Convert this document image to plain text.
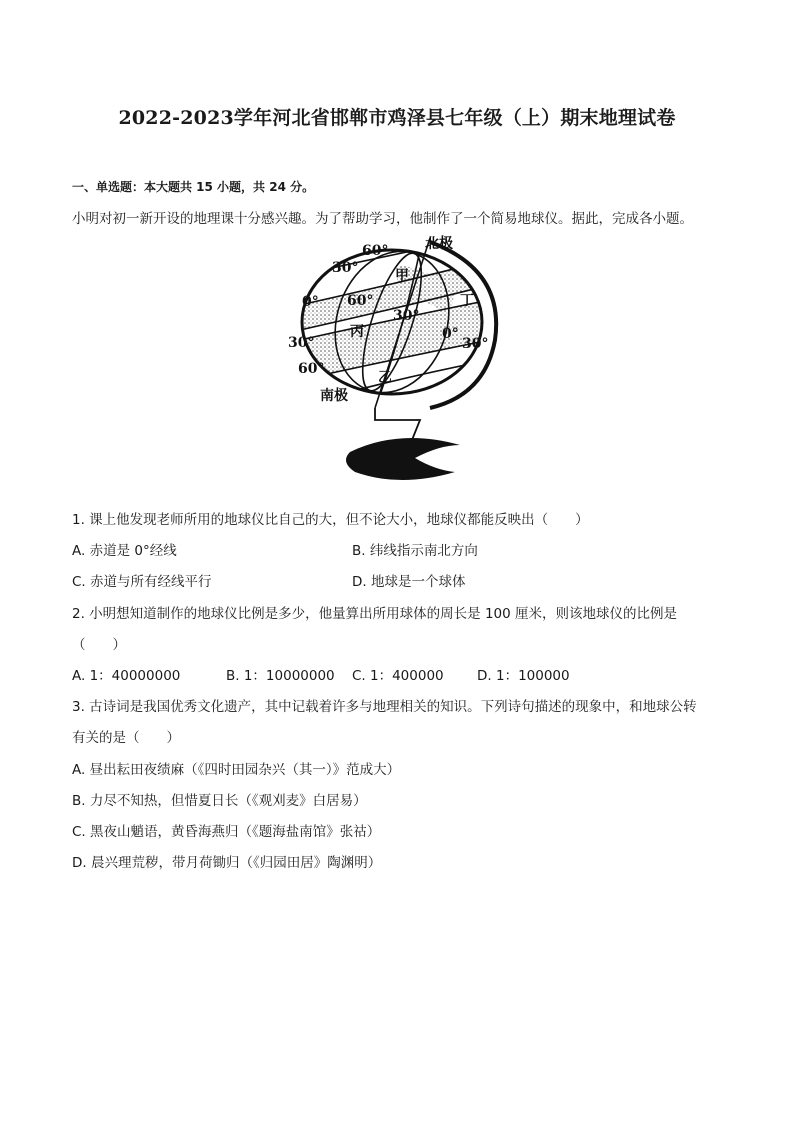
2022-2023学年河北省邯郸市鸡泽县七年级（上）期末地理试卷
一、单选题：本大题共 15 小题，共 24 分。
小明对初一新开设的地理课十分感兴趣。为了帮助学习，他制作了一个简易地球仪。据此，完成各小题。
北极
南极
60°
30°
0°
30°
60°
60°
30°
0°
30°
甲
乙
丙
丁
1. 课上他发现老师所用的地球仪比自己的大，但不论大小，地球仪都能反映出（　　）
A. 赤道是 0°经线	B. 纬线指示南北方向
C. 赤道与所有经线平行	D. 地球是一个球体
2. 小明想知道制作的地球仪比例是多少，他量算出所用球体的周长是 100 厘米，则该地球仪的比例是
（　　）
A. 1：40000000	B. 1：10000000 C. 1：400000 D. 1：100000
3. 古诗词是我国优秀文化遗产，其中记载着许多与地理相关的知识。下列诗句描述的现象中，和地球公转
有关的是（　　）
A. 昼出耘田夜绩麻（《四时田园杂兴（其一）》范成大）
B. 力尽不知热，但惜夏日长（《观刈麦》白居易）
C. 黑夜山魈语，黄昏海燕归（《题海盐南馆》张祜）
D. 晨兴理荒秽，带月荷锄归（《归园田居》陶渊明）
